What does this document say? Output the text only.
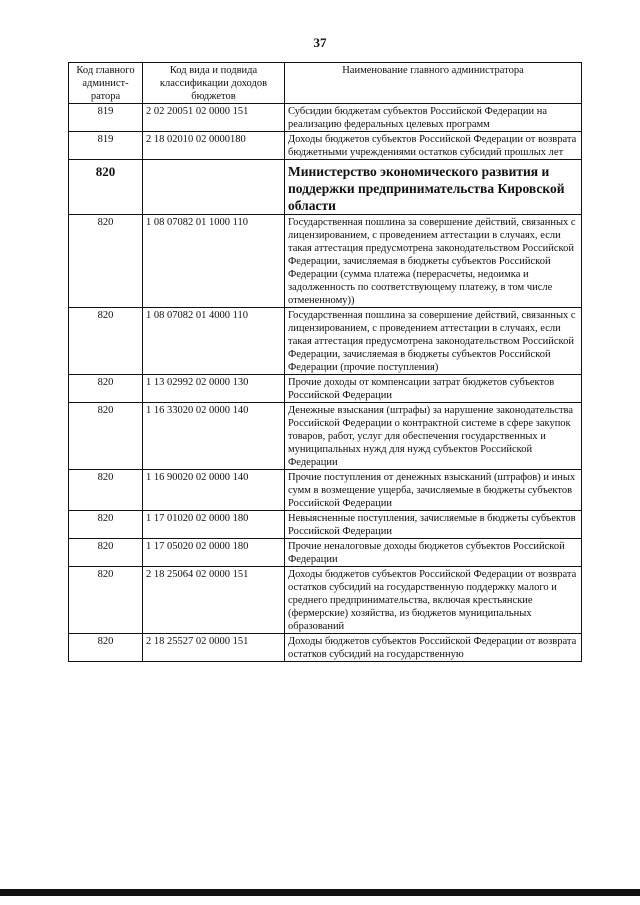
37
Код главного админист-ратора	Код вида и подвида классификации доходов бюджетов	Наименование главного администратора
819	2 02 20051 02 0000 151	Субсидии бюджетам субъектов Российской Федерации на реализацию федеральных целевых программ
819	2 18 02010 02 0000180	Доходы бюджетов субъектов Российской Федерации от возврата бюджетными учреждениями остатков субсидий прошлых лет
820		Министерство экономического развития и поддержки предпринимательства Кировской области
820	1 08 07082 01 1000 110	Государственная пошлина за совершение действий, связанных с лицензированием, с проведением аттестации в случаях, если такая аттестация предусмотрена законодательством Российской Федерации, зачисляемая в бюджеты субъектов Российской Федерации (сумма платежа (перерасчеты, недоимка и задолженность по соответствующему платежу, в том числе отмененному))
820	1 08 07082 01 4000 110	Государственная пошлина за совершение действий, связанных с лицензированием, с проведением аттестации в случаях, если такая аттестация предусмотрена законодательством Российской Федерации, зачисляемая в бюджеты субъектов Российской Федерации (прочие поступления)
820	1 13 02992 02 0000 130	Прочие доходы от компенсации затрат бюджетов субъектов Российской Федерации
820	1 16 33020 02 0000 140	Денежные взыскания (штрафы) за нарушение законодательства Российской Федерации о контрактной системе в сфере закупок товаров, работ, услуг для обеспечения государственных и муниципальных нужд для нужд субъектов Российской Федерации
820	1 16 90020 02 0000 140	Прочие поступления от денежных взысканий (штрафов) и иных сумм в возмещение ущерба, зачисляемые в бюджеты субъектов Российской Федерации
820	1 17 01020 02 0000 180	Невыясненные поступления, зачисляемые в бюджеты субъектов Российской Федерации
820	1 17 05020 02 0000 180	Прочие неналоговые доходы бюджетов субъектов Российской Федерации
820	2 18 25064 02 0000 151	Доходы бюджетов субъектов Российской Федерации от возврата остатков субсидий на государственную поддержку малого и среднего предпринимательства, включая крестьянские (фермерские) хозяйства, из бюджетов муниципальных образований
820	2 18 25527 02 0000 151	Доходы бюджетов субъектов Российской Федерации от возврата остатков субсидий на государственную
